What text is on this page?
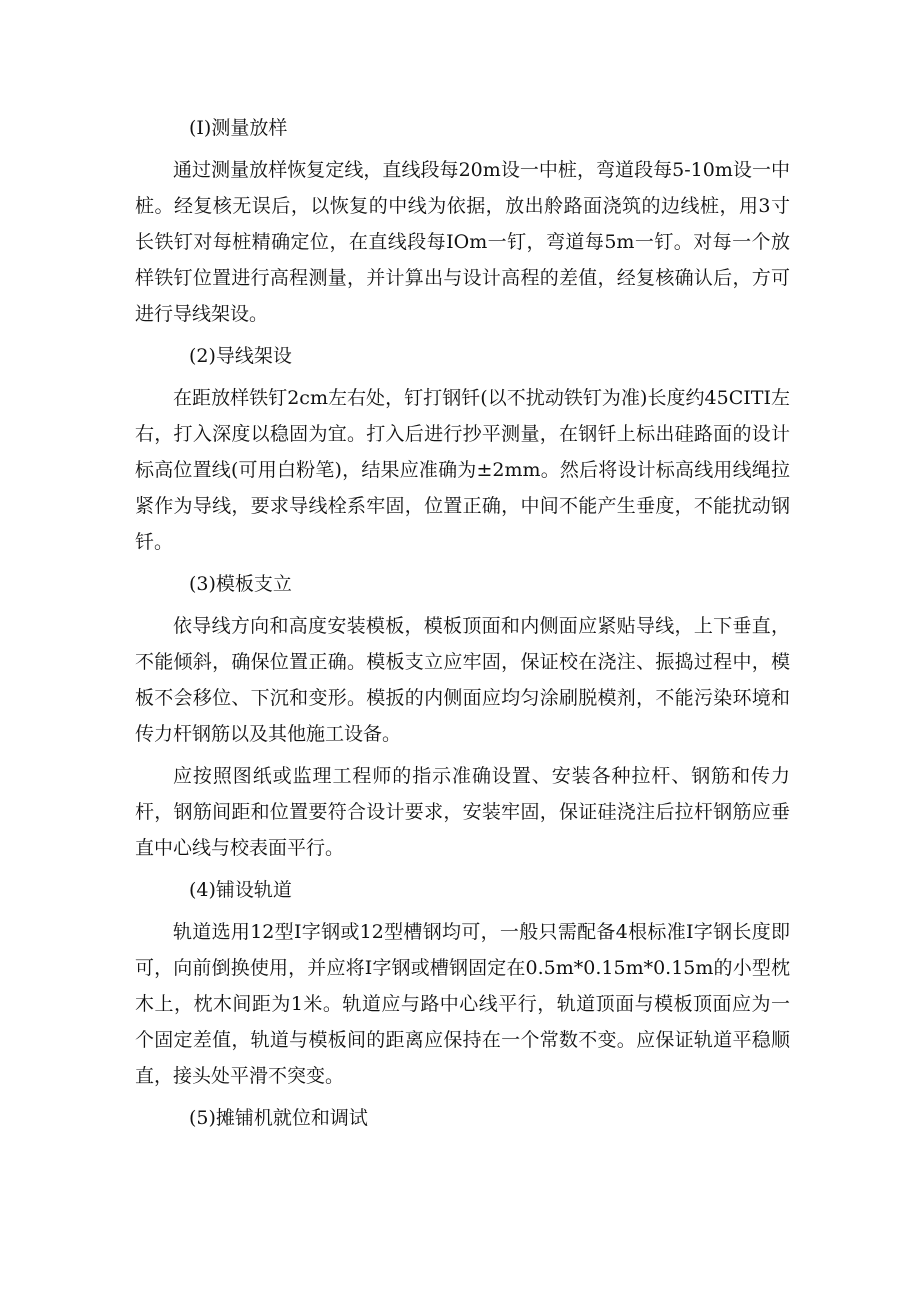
(I)测量放样

通过测量放样恢复定线，直线段每20m设一中桩，弯道段每5-10m设一中桩。经复核无误后，以恢复的中线为依据，放出舲路面浇筑的边线桩，用3寸长铁钉对每桩精确定位，在直线段每IOm一钉，弯道每5m一钉。对每一个放样铁钉位置进行高程测量，并计算出与设计高程的差值，经复核确认后，方可进行导线架设。

(2)导线架设

在距放样铁钉2cm左右处，钉打钢钎(以不扰动铁钉为准)长度约45CITI左右，打入深度以稳固为宜。打入后进行抄平测量，在钢钎上标出硅路面的设计标高位置线(可用白粉笔)，结果应准确为±2mm。然后将设计标高线用线绳拉紧作为导线，要求导线栓系牢固，位置正确，中间不能产生垂度，不能扰动钢钎。

(3)模板支立

依导线方向和高度安装模板，模板顶面和内侧面应紧贴导线，上下垂直，不能倾斜，确保位置正确。模板支立应牢固，保证校在浇注、振捣过程中，模板不会移位、下沉和变形。模扳的内侧面应均匀涂刷脱模剂，不能污染环境和传力杆钢筋以及其他施工设备。

应按照图纸或监理工程师的指示准确设置、安装各种拉杆、钢筋和传力杆，钢筋间距和位置要符合设计要求，安装牢固，保证硅浇注后拉杆钢筋应垂直中心线与校表面平行。

(4)铺设轨道

轨道选用12型I字钢或12型槽钢均可，一般只需配备4根标准I字钢长度即可，向前倒换使用，并应将I字钢或槽钢固定在0.5m*0.15m*0.15m的小型枕木上，枕木间距为1米。轨道应与路中心线平行，轨道顶面与模板顶面应为一个固定差值，轨道与模板间的距离应保持在一个常数不变。应保证轨道平稳顺直，接头处平滑不突变。

(5)摊铺机就位和调试
